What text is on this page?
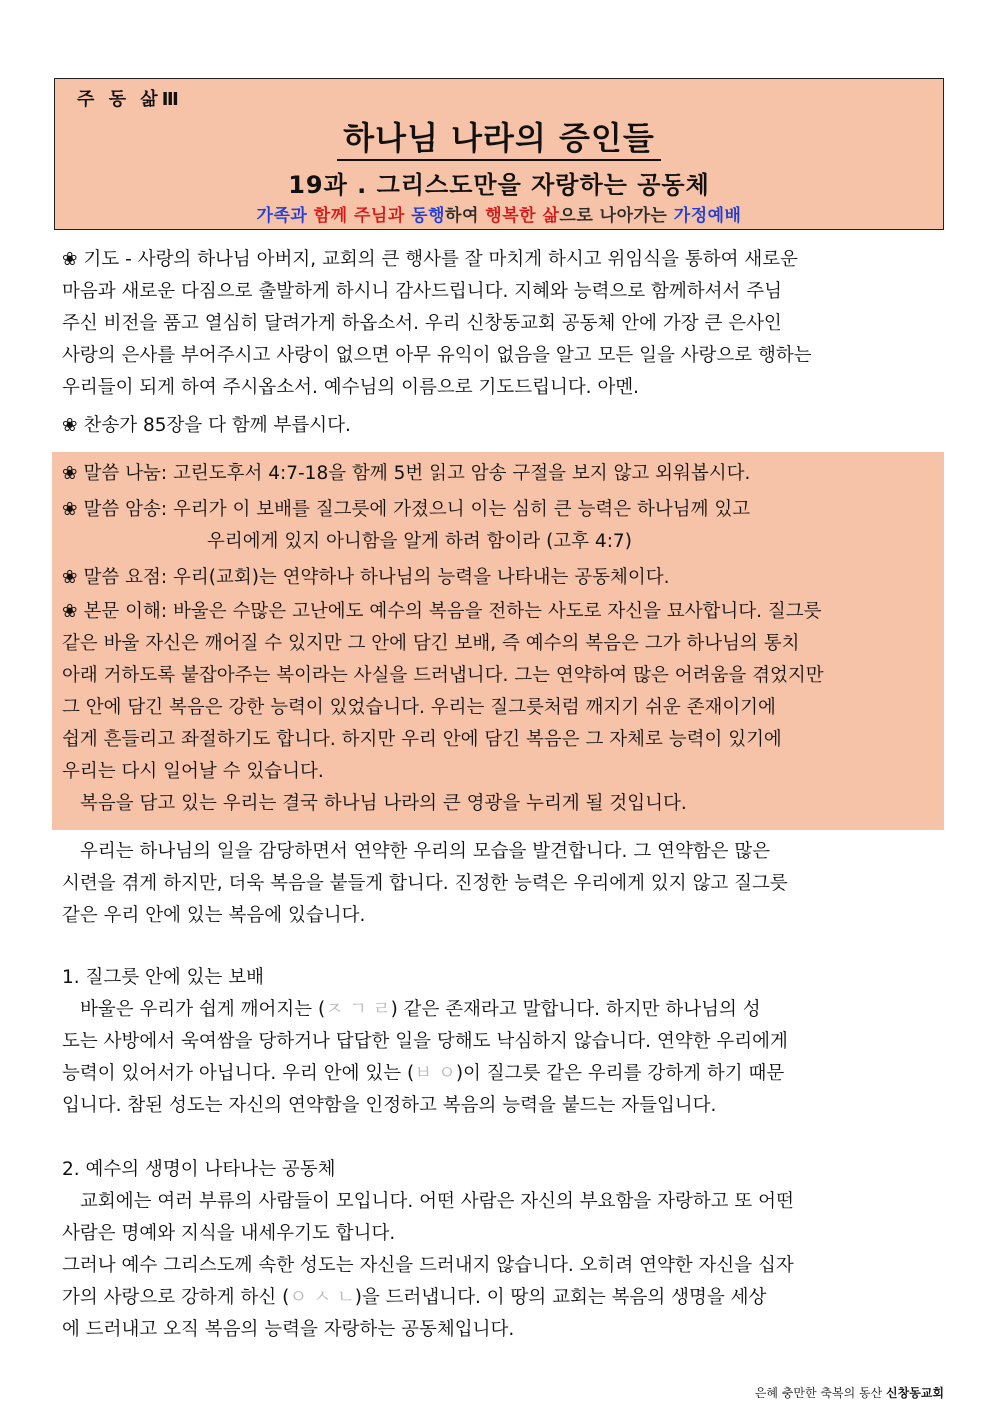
주 동 삶Ⅲ
하나님 나라의 증인들
19과 . 그리스도만을 자랑하는 공동체
가족과 함께 주님과 동행하여 행복한 삶으로 나아가는 가정예배
❀ 기도 - 사랑의 하나님 아버지, 교회의 큰 행사를 잘 마치게 하시고 위임식을 통하여 새로운
마음과 새로운 다짐으로 출발하게 하시니 감사드립니다. 지혜와 능력으로 함께하셔서 주님
주신 비전을 품고 열심히 달려가게 하옵소서. 우리 신창동교회 공동체 안에 가장 큰 은사인
사랑의 은사를 부어주시고 사랑이 없으면 아무 유익이 없음을 알고 모든 일을 사랑으로 행하는
우리들이 되게 하여 주시옵소서. 예수님의 이름으로 기도드립니다. 아멘.
❀ 찬송가 85장을 다 함께 부릅시다.
❀ 말씀 나눔: 고린도후서 4:7-18을 함께 5번 읽고 암송 구절을 보지 않고 외워봅시다.
❀ 말씀 암송: 우리가 이 보배를 질그릇에 가졌으니 이는 심히 큰 능력은 하나님께 있고
우리에게 있지 아니함을 알게 하려 함이라 (고후 4:7)
❀ 말씀 요점: 우리(교회)는 연약하나 하나님의 능력을 나타내는 공동체이다.
❀ 본문 이해: 바울은 수많은 고난에도 예수의 복음을 전하는 사도로 자신을 묘사합니다. 질그릇
같은 바울 자신은 깨어질 수 있지만 그 안에 담긴 보배, 즉 예수의 복음은 그가 하나님의 통치
아래 거하도록 붙잡아주는 복이라는 사실을 드러냅니다. 그는 연약하여 많은 어려움을 겪었지만
그 안에 담긴 복음은 강한 능력이 있었습니다. 우리는 질그릇처럼 깨지기 쉬운 존재이기에
쉽게 흔들리고 좌절하기도 합니다. 하지만 우리 안에 담긴 복음은 그 자체로 능력이 있기에
우리는 다시 일어날 수 있습니다.
복음을 담고 있는 우리는 결국 하나님 나라의 큰 영광을 누리게 될 것입니다.
우리는 하나님의 일을 감당하면서 연약한 우리의 모습을 발견합니다. 그 연약함은 많은
시련을 겪게 하지만, 더욱 복음을 붙들게 합니다. 진정한 능력은 우리에게 있지 않고 질그릇
같은 우리 안에 있는 복음에 있습니다.
1. 질그릇 안에 있는 보배
바울은 우리가 쉽게 깨어지는 (ㅈ ㄱ ㄹ) 같은 존재라고 말합니다. 하지만 하나님의 성
도는 사방에서 욱여쌈을 당하거나 답답한 일을 당해도 낙심하지 않습니다. 연약한 우리에게
능력이 있어서가 아닙니다. 우리 안에 있는 (ㅂ ㅇ)이 질그릇 같은 우리를 강하게 하기 때문
입니다. 참된 성도는 자신의 연약함을 인정하고 복음의 능력을 붙드는 자들입니다.
2. 예수의 생명이 나타나는 공동체
교회에는 여러 부류의 사람들이 모입니다. 어떤 사람은 자신의 부요함을 자랑하고 또 어떤
사람은 명예와 지식을 내세우기도 합니다.
그러나 예수 그리스도께 속한 성도는 자신을 드러내지 않습니다. 오히려 연약한 자신을 십자
가의 사랑으로 강하게 하신 (ㅇ ㅅ ㄴ)을 드러냅니다. 이 땅의 교회는 복음의 생명을 세상
에 드러내고 오직 복음의 능력을 자랑하는 공동체입니다.
은혜 충만한 축복의 동산 신창동교회
